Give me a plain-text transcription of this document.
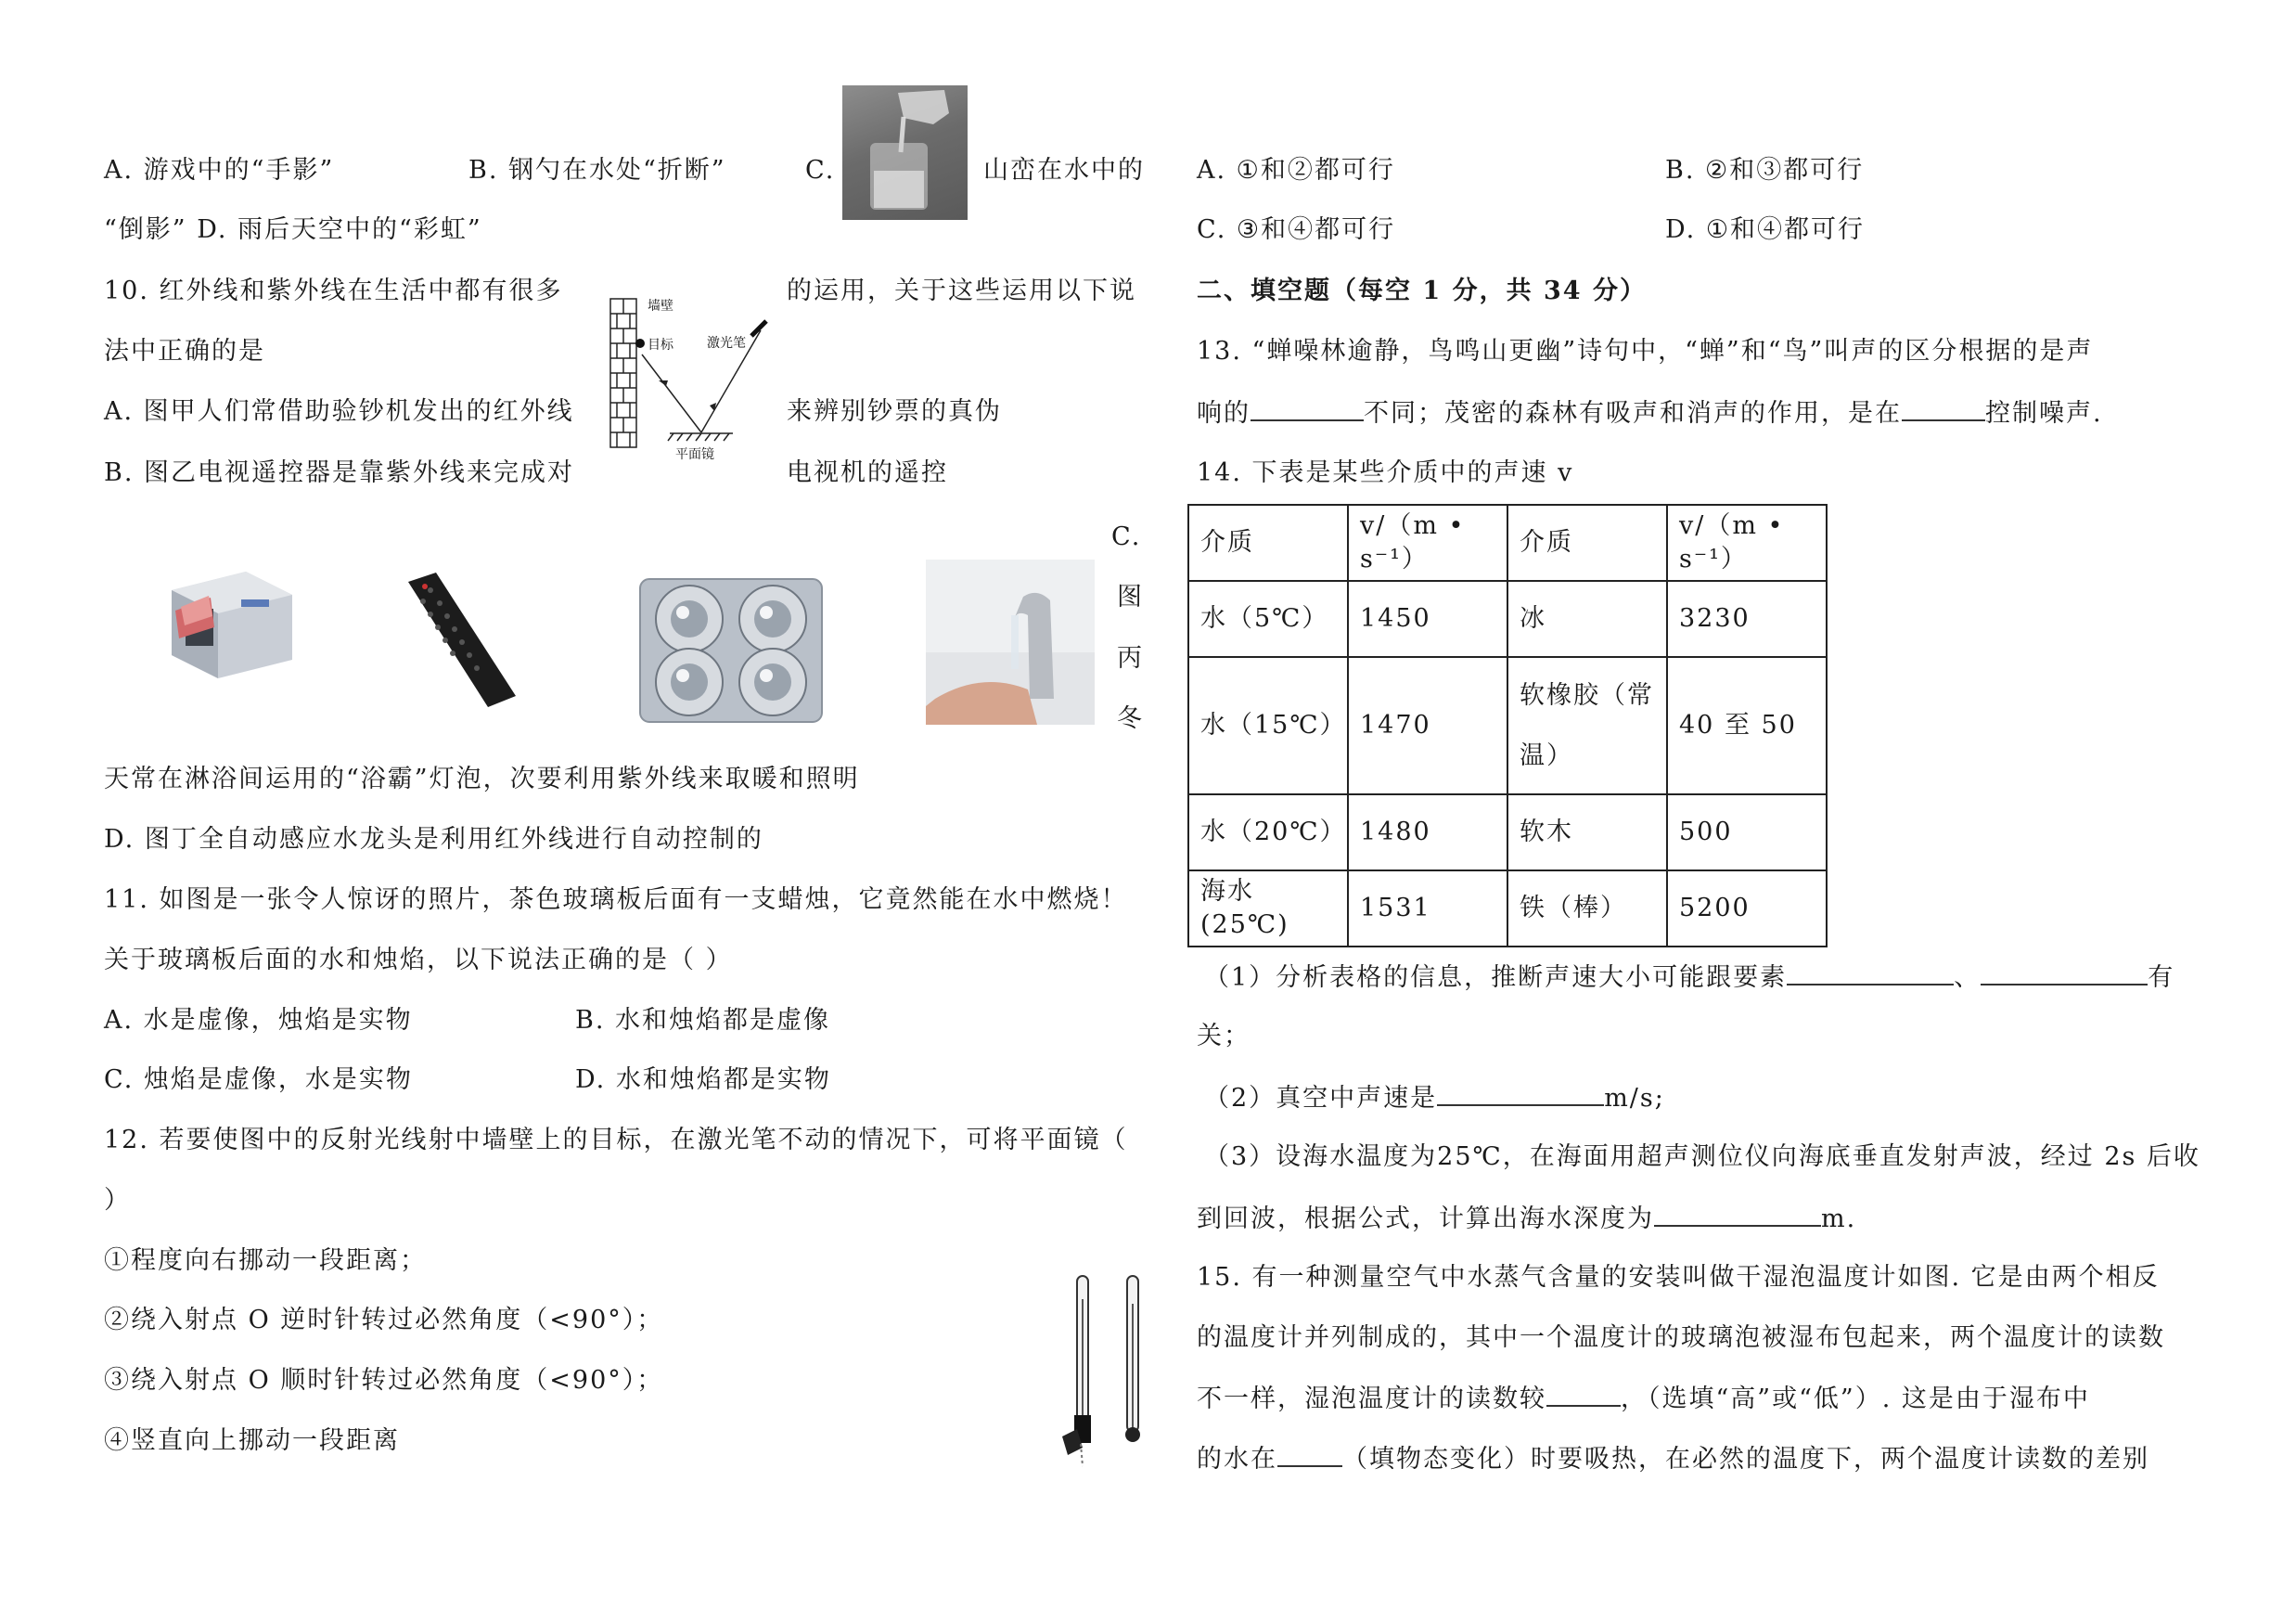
A. 游戏中的“手影”	B. 钢勺在水处“折断”	C.	山峦在水中的
“倒影” D. 雨后天空中的“彩虹”
10. 红外线和紫外线在生活中都有很多	的运用，关于这些运用以下说
法中正确的是
A. 图甲人们常借助验钞机发出的红外线	来辨别钞票的真伪
B. 图乙电视遥控器是靠紫外线来完成对	电视机的遥控
墙壁
目标	激光笔
平面镜
C.
图
丙
冬
天常在淋浴间运用的“浴霸”灯泡，次要利用紫外线来取暖和照明
D. 图丁全自动感应水龙头是利用红外线进行自动控制的
11. 如图是一张令人惊讶的照片，茶色玻璃板后面有一支蜡烛，它竟然能在水中燃烧！
关于玻璃板后面的水和烛焰，以下说法正确的是（ ）
A. 水是虚像，烛焰是实物	B. 水和烛焰都是虚像
C. 烛焰是虚像，水是实物	D. 水和烛焰都是实物
12. 若要使图中的反射光线射中墙壁上的目标，在激光笔不动的情况下，可将平面镜（
）
①程度向右挪动一段距离；
②绕入射点 O 逆时针转过必然角度（<90°）；
③绕入射点 O 顺时针转过必然角度（<90°）；
④竖直向上挪动一段距离
A. ①和②都可行	B. ②和③都可行
C. ③和④都可行	D. ①和④都可行
二、填空题（每空 1 分，共 34 分）
13. “蝉噪林逾静，鸟鸣山更幽”诗句中，“蝉”和“鸟”叫声的区分根据的是声
响的	不同；茂密的森林有吸声和消声的作用，是在	控制噪声.
14. 下表是某些介质中的声速 v
介质	v/（m • s⁻¹）	介质	v/（m • s⁻¹）
水（5℃）	1450	冰	3230
水（15℃）	1470	软橡胶（常温）	40 至 50
水（20℃）	1480	软木	500
海水(25℃)	1531	铁（棒）	5200
（1）分析表格的信息，推断声速大小可能跟要素	、	有
关；
（2）真空中声速是	m/s;
（3）设海水温度为25℃，在海面用超声测位仪向海底垂直发射声波，经过 2s 后收
到回波，根据公式，计算出海水深度为	m.
15. 有一种测量空气中水蒸气含量的安装叫做干湿泡温度计如图. 它是由两个相反
的温度计并列制成的，其中一个温度计的玻璃泡被湿布包起来，两个温度计的读数
不一样，湿泡温度计的读数较	，（选填“高”或“低”）. 这是由于湿布中
的水在	（填物态变化）时要吸热，在必然的温度下，两个温度计读数的差别
